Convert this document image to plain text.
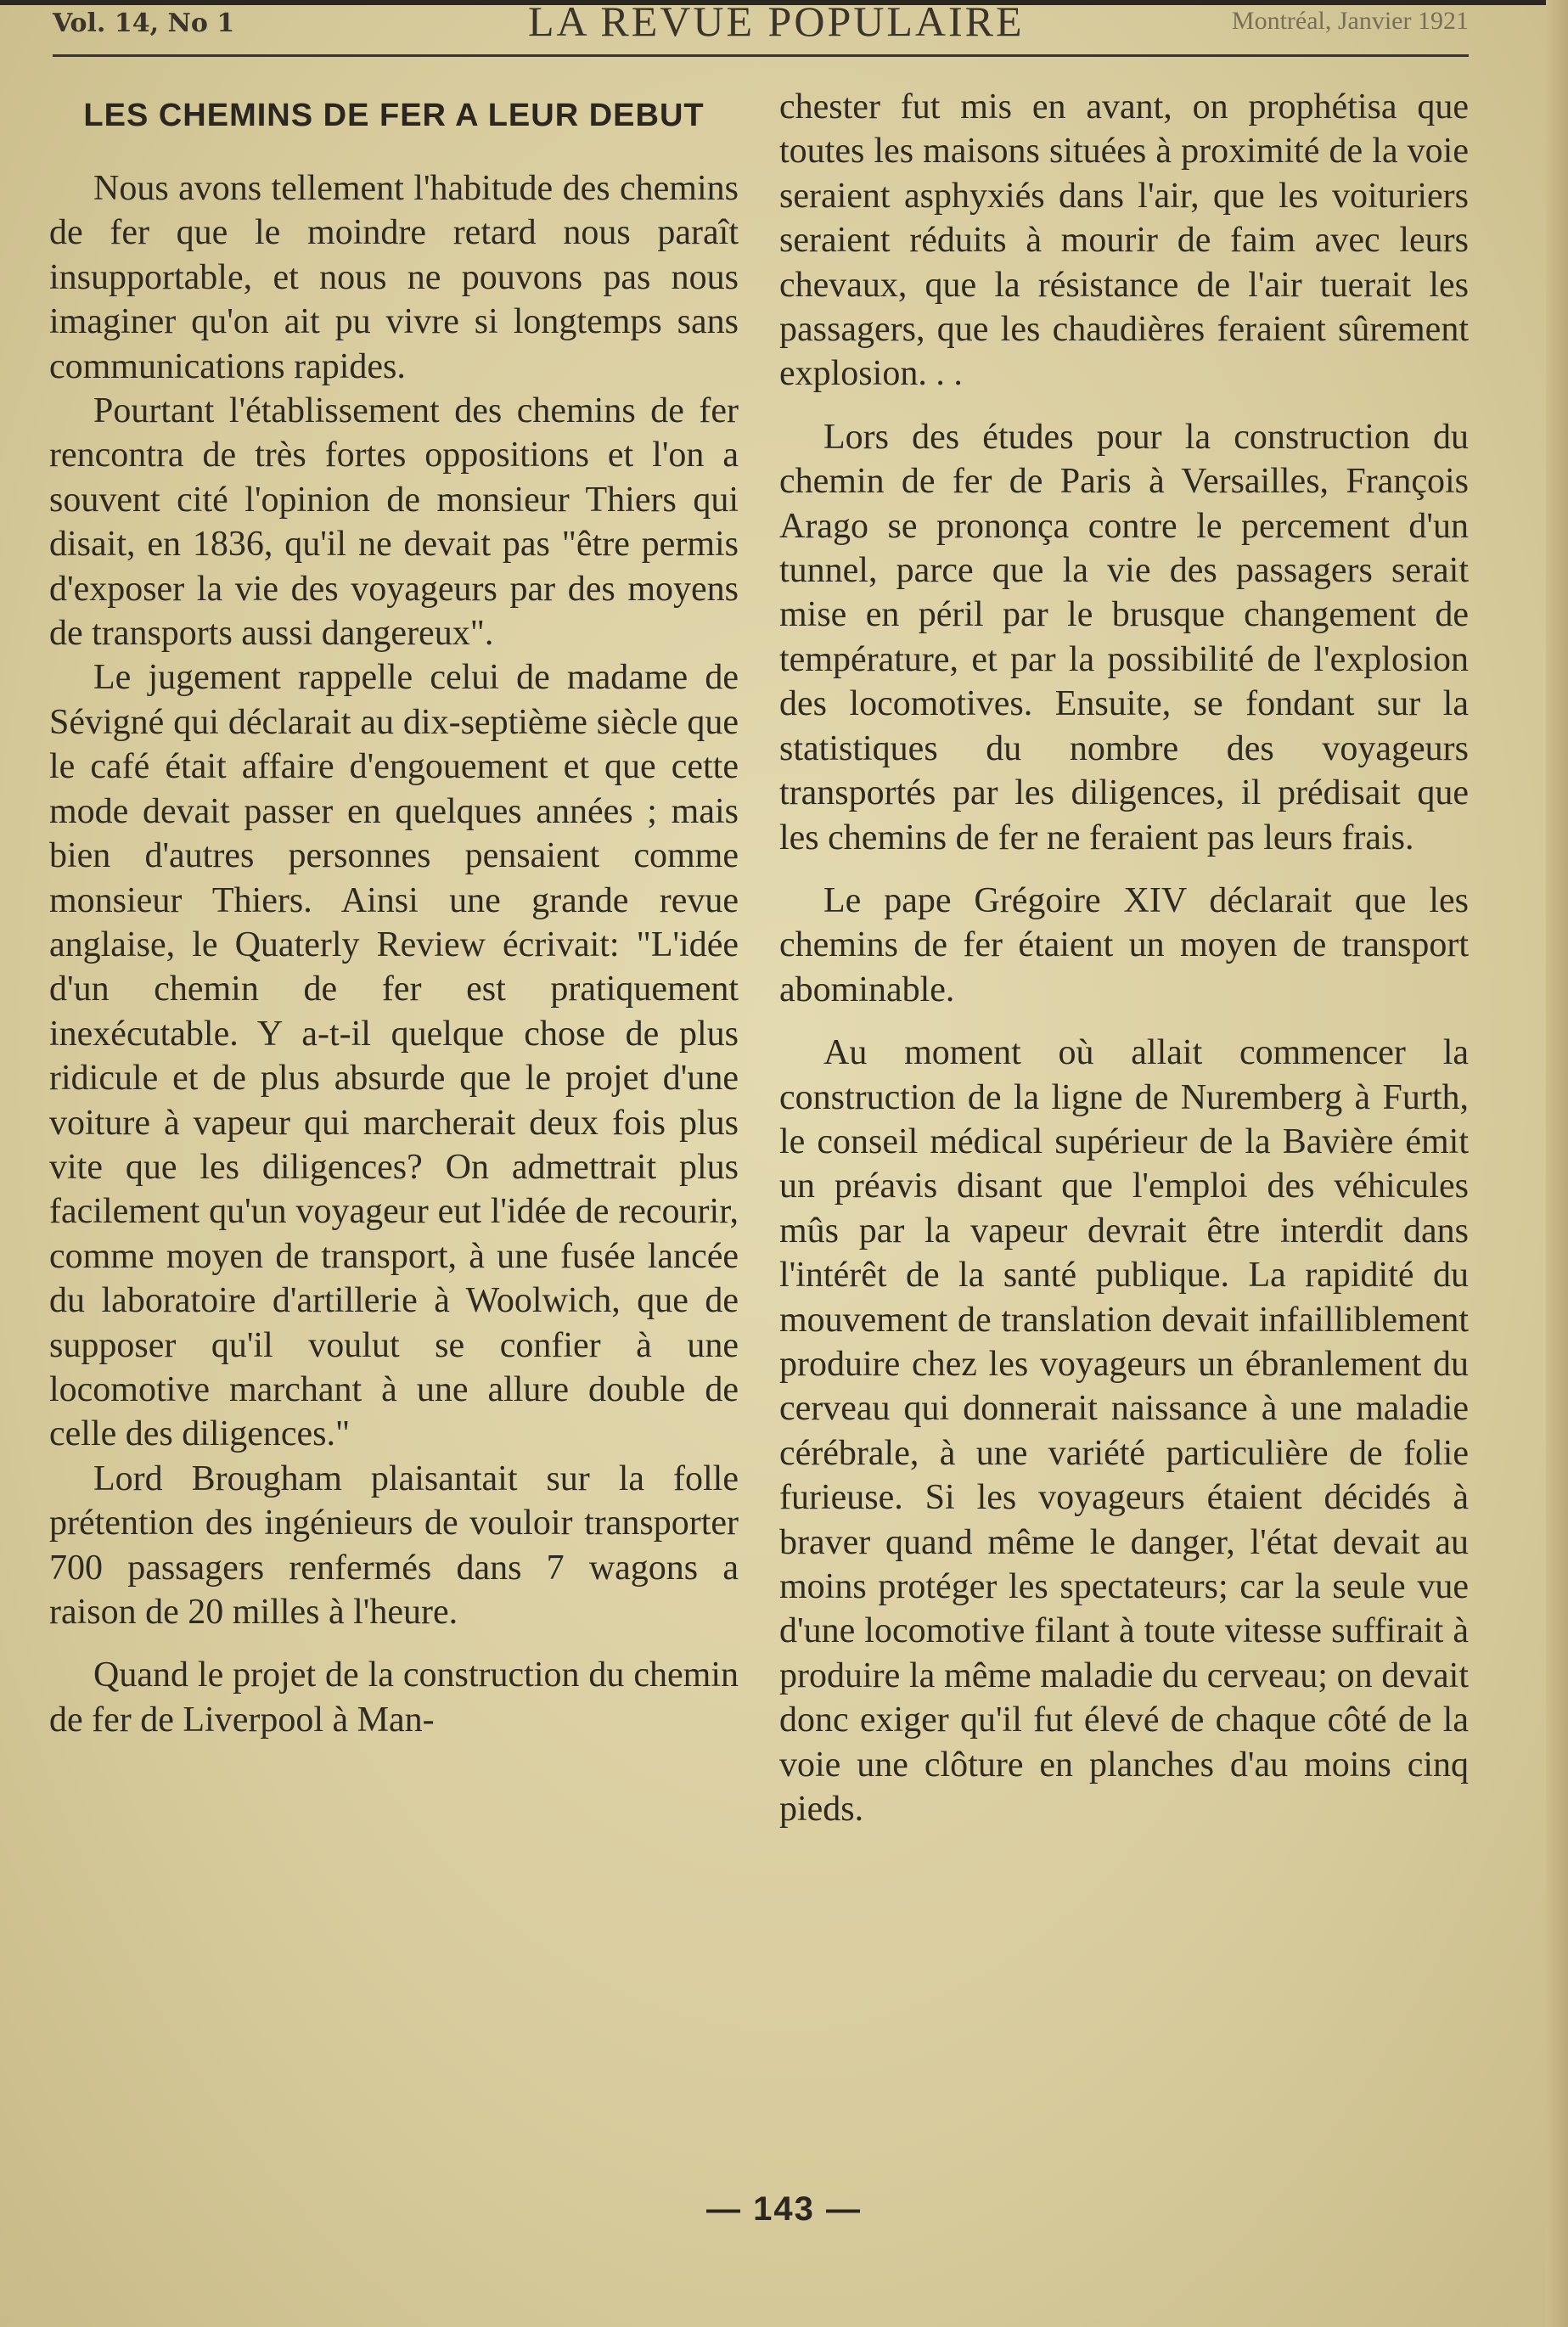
Vol. 14, No 1	LA REVUE POPULAIRE	Montréal, Janvier 1921
LES CHEMINS DE FER A LEUR DEBUT

Nous avons tellement l'habitude des chemins de fer que le moindre retard nous paraît insupportable, et nous ne pouvons pas nous imaginer qu'on ait pu vivre si longtemps sans communications rapides.

Pourtant l'établissement des chemins de fer rencontra de très fortes oppositions et l'on a souvent cité l'opinion de monsieur Thiers qui disait, en 1836, qu'il ne devait pas "être permis d'exposer la vie des voyageurs par des moyens de transports aussi dangereux".

Le jugement rappelle celui de madame de Sévigné qui déclarait au dix-septième siècle que le café était affaire d'engouement et que cette mode devait passer en quelques années ; mais bien d'autres personnes pensaient comme monsieur Thiers. Ainsi une grande revue anglaise, le Quaterly Review écrivait: "L'idée d'un chemin de fer est pratiquement inexécutable. Y a-t-il quelque chose de plus ridicule et de plus absurde que le projet d'une voiture à vapeur qui marcherait deux fois plus vite que les diligences? On admettrait plus facilement qu'un voyageur eut l'idée de recourir, comme moyen de transport, à une fusée lancée du laboratoire d'artillerie à Woolwich, que de supposer qu'il voulut se confier à une locomotive marchant à une allure double de celle des diligences."

Lord Brougham plaisantait sur la folle prétention des ingénieurs de vouloir transporter 700 passagers renfermés dans 7 wagons a raison de 20 milles à l'heure.

Quand le projet de la construction du chemin de fer de Liverpool à Man-

chester fut mis en avant, on prophétisa que toutes les maisons situées à proximité de la voie seraient asphyxiés dans l'air, que les voituriers seraient réduits à mourir de faim avec leurs chevaux, que la résistance de l'air tuerait les passagers, que les chaudières feraient sûrement explosion. . .

Lors des études pour la construction du chemin de fer de Paris à Versailles, François Arago se prononça contre le percement d'un tunnel, parce que la vie des passagers serait mise en péril par le brusque changement de température, et par la possibilité de l'explosion des locomotives. Ensuite, se fondant sur la statistiques du nombre des voyageurs transportés par les diligences, il prédisait que les chemins de fer ne feraient pas leurs frais.

Le pape Grégoire XIV déclarait que les chemins de fer étaient un moyen de transport abominable.

Au moment où allait commencer la construction de la ligne de Nuremberg à Furth, le conseil médical supérieur de la Bavière émit un préavis disant que l'emploi des véhicules mûs par la vapeur devrait être interdit dans l'intérêt de la santé publique. La rapidité du mouvement de translation devait infailliblement produire chez les voyageurs un ébranlement du cerveau qui donnerait naissance à une maladie cérébrale, à une variété particulière de folie furieuse. Si les voyageurs étaient décidés à braver quand même le danger, l'état devait au moins protéger les spectateurs; car la seule vue d'une locomotive filant à toute vitesse suffirait à produire la même maladie du cerveau; on devait donc exiger qu'il fut élevé de chaque côté de la voie une clôture en planches d'au moins cinq pieds.

— 143 —
